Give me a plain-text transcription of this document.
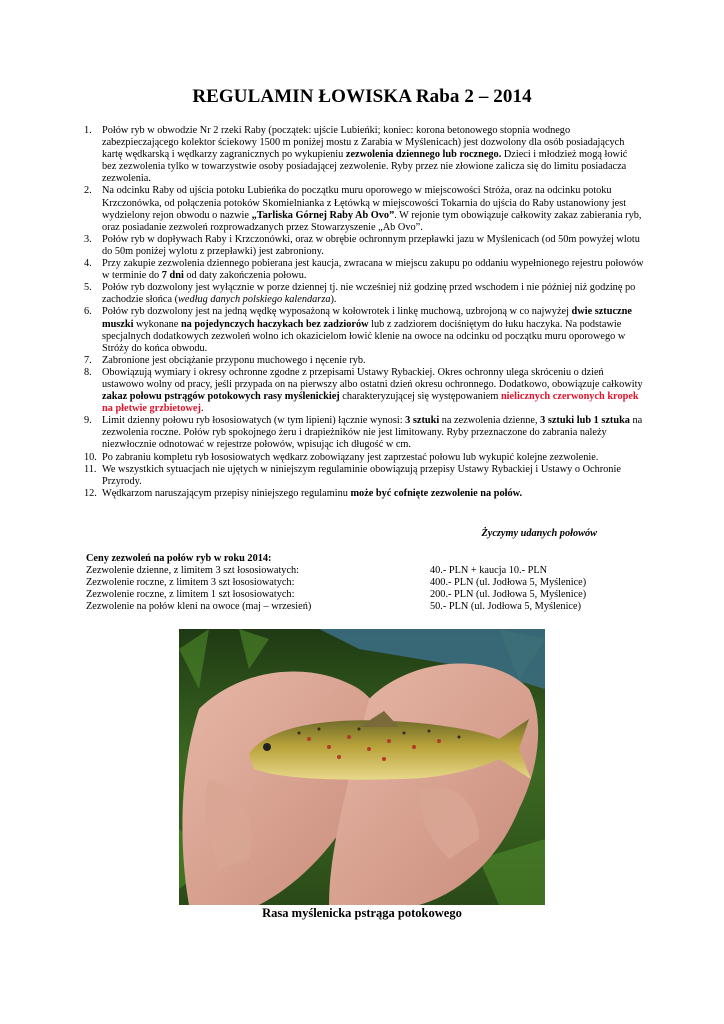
REGULAMIN ŁOWISKA Raba 2 – 2014
1. Połów ryb w obwodzie Nr 2 rzeki Raby (początek: ujście Lubieńki; koniec: korona betonowego stopnia wodnego zabezpieczającego kolektor ściekowy 1500 m poniżej mostu z Zarabia w Myślenicach) jest dozwolony dla osób posiadających kartę wędkarską i wędkarzy zagranicznych po wykupieniu zezwolenia dziennego lub rocznego. Dzieci i młodzież mogą łowić bez zezwolenia tylko w towarzystwie osoby posiadającej zezwolenie. Ryby przez nie złowione zalicza się do limitu posiadacza zezwolenia.
2. Na odcinku Raby od ujścia potoku Lubieńka do początku muru oporowego w miejscowości Stróża, oraz na odcinku potoku Krzczonówka, od połączenia potoków Skomielnianka z Łętówką w miejscowości Tokarnia do ujścia do Raby ustanowiony jest wydzielony rejon obwodu o nazwie „Tarliska Górnej Raby Ab Ovo”. W rejonie tym obowiązuje całkowity zakaz zabierania ryb, oraz posiadanie zezwoleń rozprowadzanych przez Stowarzyszenie „Ab Ovo”.
3. Połów ryb w dopływach Raby i Krzczonówki, oraz w obrębie ochronnym przepławki jazu w Myślenicach (od 50m powyżej wlotu do 50m poniżej wylotu z przepławki) jest zabroniony.
4. Przy zakupie zezwolenia dziennego pobierana jest kaucja, zwracana w miejscu zakupu po oddaniu wypełnionego rejestru połowów w terminie do 7 dni od daty zakończenia połowu.
5. Połów ryb dozwolony jest wyłącznie w porze dziennej tj. nie wcześniej niż godzinę przed wschodem i nie później niż godzinę po zachodzie słońca (według danych polskiego kalendarza).
6. Połów ryb dozwolony jest na jedną wędkę wyposażoną w kołowrotek i linkę muchową, uzbrojoną w co najwyżej dwie sztuczne muszki wykonane na pojedynczych haczykach bez zadziorów lub z zadziorem dociśniętym do łuku haczyka. Na podstawie specjalnych dodatkowych zezwoleń wolno ich okazicielom łowić klenie na owoce na odcinku od początku muru oporowego w Stróży do końca obwodu.
7. Zabronione jest obciążanie przyponu muchowego i nęcenie ryb.
8. Obowiązują wymiary i okresy ochronne zgodne z przepisami Ustawy Rybackiej. Okres ochronny ulega skróceniu o dzień ustawowo wolny od pracy, jeśli przypada on na pierwszy albo ostatni dzień okresu ochronnego. Dodatkowo, obowiązuje całkowity zakaz połowu pstrągów potokowych rasy myślenickiej charakteryzującej się występowaniem nielicznych czerwonych kropek na płetwie grzbietowej.
9. Limit dzienny połowu ryb łososiowatych (w tym lipieni) łącznie wynosi: 3 sztuki na zezwolenia dzienne, 3 sztuki lub 1 sztuka na zezwolenia roczne. Połów ryb spokojnego żeru i drapieżników nie jest limitowany. Ryby przeznaczone do zabrania należy niezwłocznie odnotować w rejestrze połowów, wpisując ich długość w cm.
10. Po zabraniu kompletu ryb łososiowatych wędkarz zobowiązany jest zaprzestać połowu lub wykupić kolejne zezwolenie.
11. We wszystkich sytuacjach nie ujętych w niniejszym regulaminie obowiązują przepisy Ustawy Rybackiej i Ustawy o Ochronie Przyrody.
12. Wędkarzom naruszającym przepisy niniejszego regulaminu może być cofnięte zezwolenie na połów.
Życzymy udanych połowów
Ceny zezwoleń na połów ryb w roku 2014:
Zezwolenie dzienne, z limitem 3 szt łososiowatych:	40.- PLN + kaucja 10.- PLN
Zezwolenie roczne, z limitem 3 szt łososiowatych:	400.- PLN (ul. Jodłowa 5, Myślenice)
Zezwolenie roczne, z limitem 1 szt łososiowatych:	200.- PLN (ul. Jodłowa 5, Myślenice)
Zezwolenie na połów kleni na owoce (maj – wrzesień)	50.- PLN (ul. Jodłowa 5, Myślenice)
Rasa myślenicka pstrąga potokowego
